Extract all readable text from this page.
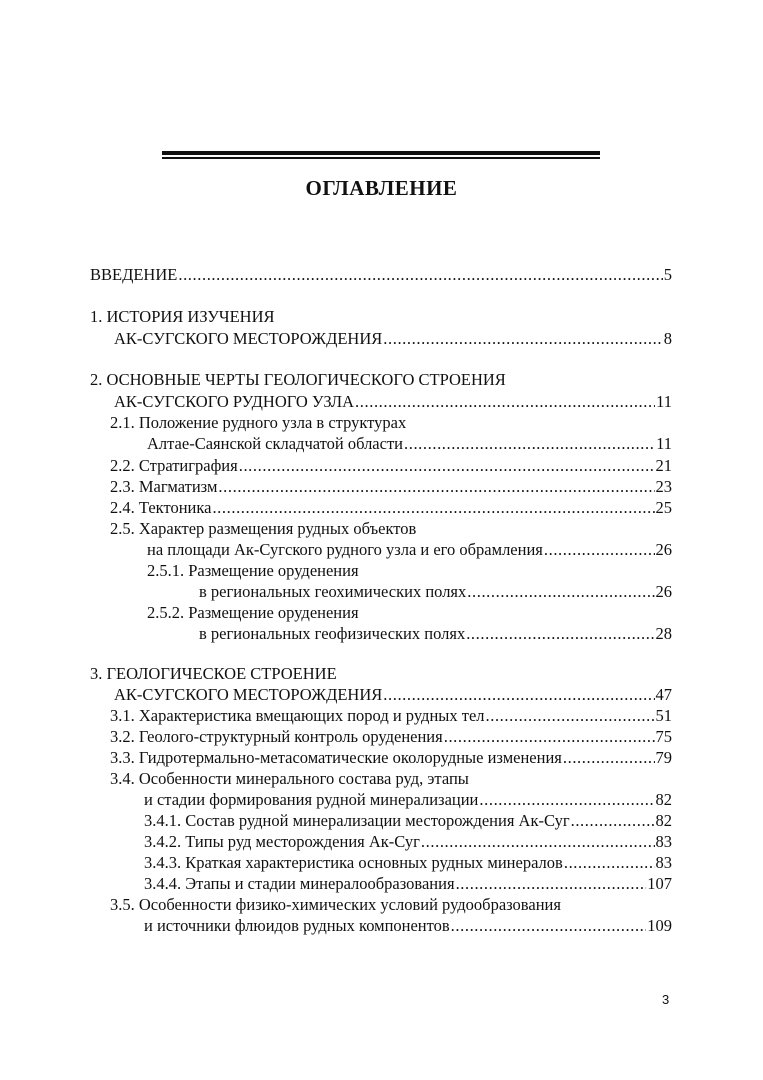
ОГЛАВЛЕНИЕ
ВВЕДЕНИЕ .....	5
1. ИСТОРИЯ ИЗУЧЕНИЯ
АК-СУГСКОГО МЕСТОРОЖДЕНИЯ .....	8
2. ОСНОВНЫЕ ЧЕРТЫ ГЕОЛОГИЧЕСКОГО СТРОЕНИЯ
АК-СУГСКОГО РУДНОГО УЗЛА .....	11
2.1. Положение рудного узла в структурах
Алтае-Саянской складчатой области .....	11
2.2. Стратиграфия .....	21
2.3. Магматизм .....	23
2.4. Тектоника .....	25
2.5. Характер размещения рудных объектов
на площади Ак-Сугского рудного узла и его обрамления .....	26
2.5.1. Размещение оруденения
в региональных геохимических полях .....	26
2.5.2. Размещение оруденения
в региональных геофизических полях .....	28
3. ГЕОЛОГИЧЕСКОЕ СТРОЕНИЕ
АК-СУГСКОГО МЕСТОРОЖДЕНИЯ .....	47
3.1. Характеристика вмещающих пород и рудных тел .....	51
3.2. Геолого-структурный контроль оруденения .....	75
3.3. Гидротермально-метасоматические околорудные изменения .....	79
3.4. Особенности минерального состава руд, этапы
и стадии формирования рудной минерализации .....	82
3.4.1. Состав рудной минерализации месторождения Ак-Суг .....	82
3.4.2. Типы руд месторождения Ак-Суг .....	83
3.4.3. Краткая характеристика основных рудных минералов .....	83
3.4.4. Этапы и стадии минералообразования .....	107
3.5. Особенности физико-химических условий рудообразования
и источники флюидов рудных компонентов .....	109
3
